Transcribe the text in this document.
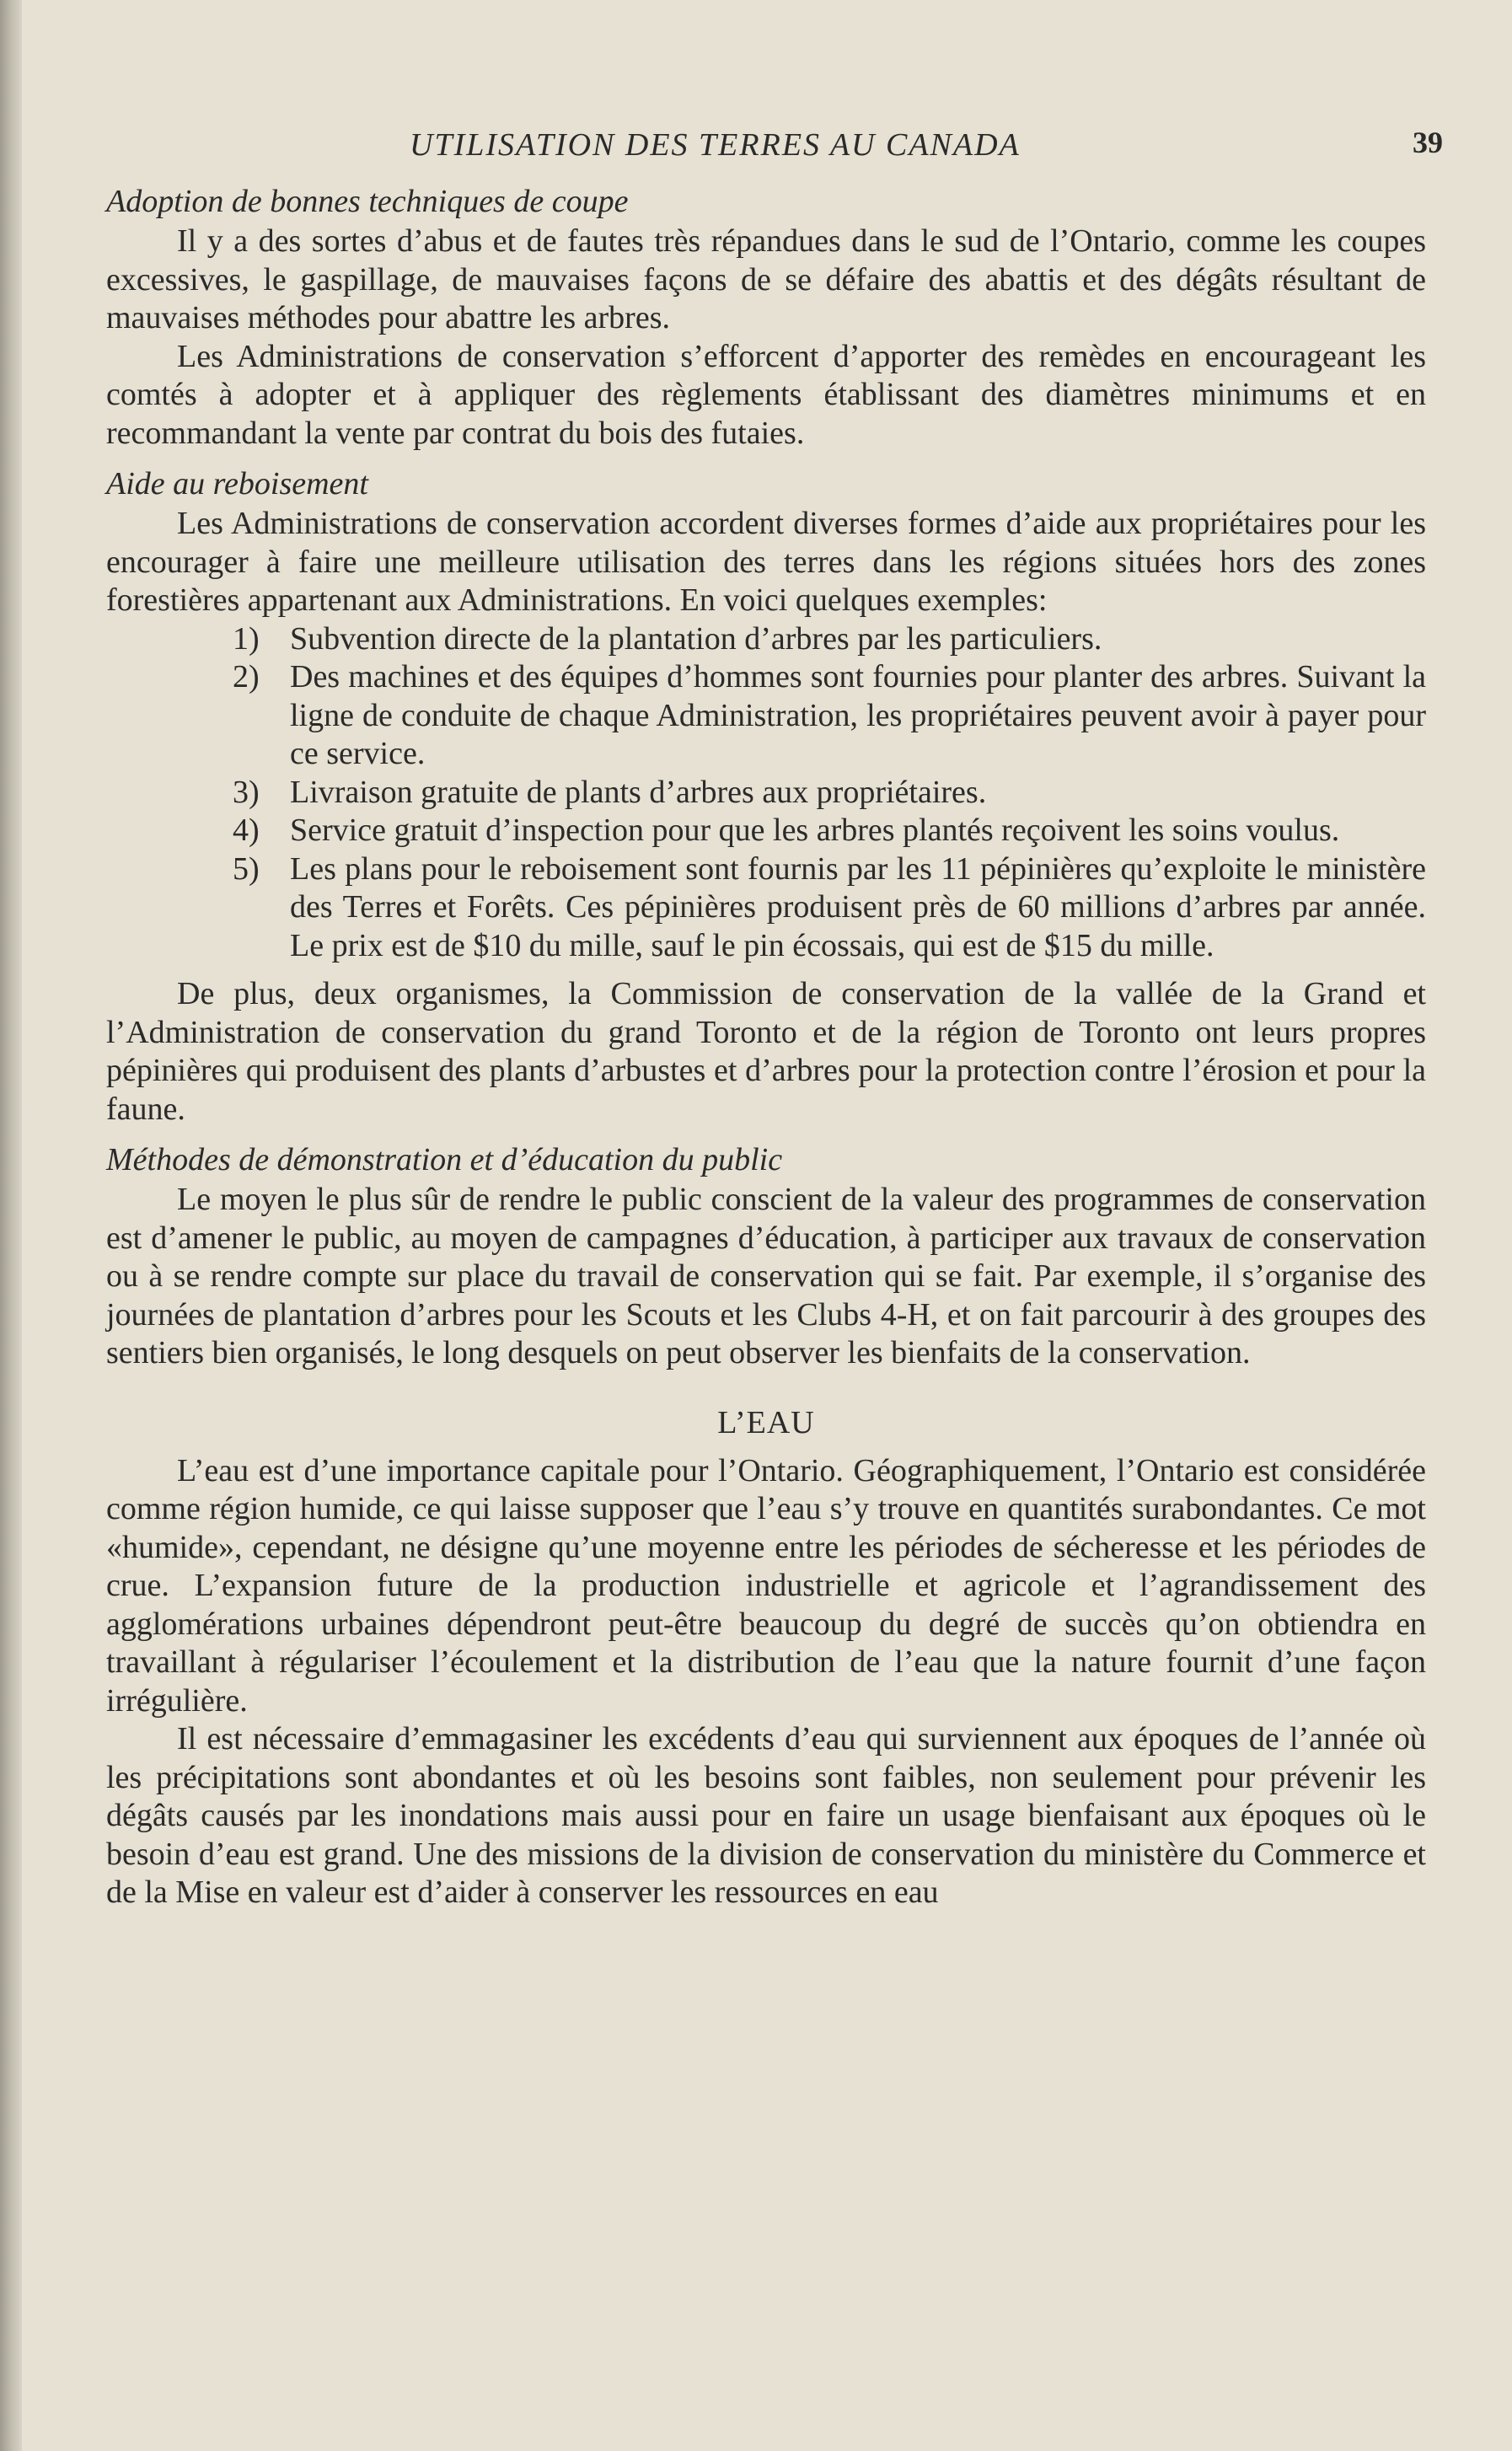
UTILISATION DES TERRES AU CANADA	39
Adoption de bonnes techniques de coupe

Il y a des sortes d’abus et de fautes très répandues dans le sud de l’Ontario, comme les coupes excessives, le gaspillage, de mauvaises façons de se défaire des abattis et des dégâts résultant de mauvaises méthodes pour abattre les arbres.

Les Administrations de conservation s’efforcent d’apporter des remèdes en encourageant les comtés à adopter et à appliquer des règlements établissant des diamètres minimums et en recommandant la vente par contrat du bois des futaies.

Aide au reboisement

Les Administrations de conservation accordent diverses formes d’aide aux propriétaires pour les encourager à faire une meilleure utilisation des terres dans les régions situées hors des zones forestières appartenant aux Administrations. En voici quelques exemples:

1) Subvention directe de la plantation d’arbres par les particuliers.
2) Des machines et des équipes d’hommes sont fournies pour planter des arbres. Suivant la ligne de conduite de chaque Administration, les propriétaires peuvent avoir à payer pour ce service.
3) Livraison gratuite de plants d’arbres aux propriétaires.
4) Service gratuit d’inspection pour que les arbres plantés reçoivent les soins voulus.
5) Les plans pour le reboisement sont fournis par les 11 pépinières qu’exploite le ministère des Terres et Forêts. Ces pépinières produisent près de 60 millions d’arbres par année. Le prix est de $10 du mille, sauf le pin écossais, qui est de $15 du mille.

De plus, deux organismes, la Commission de conservation de la vallée de la Grand et l’Administration de conservation du grand Toronto et de la région de Toronto ont leurs propres pépinières qui produisent des plants d’arbustes et d’arbres pour la protection contre l’érosion et pour la faune.

Méthodes de démonstration et d’éducation du public

Le moyen le plus sûr de rendre le public conscient de la valeur des programmes de conservation est d’amener le public, au moyen de campagnes d’éducation, à participer aux travaux de conservation ou à se rendre compte sur place du travail de conservation qui se fait. Par exemple, il s’organise des journées de plantation d’arbres pour les Scouts et les Clubs 4-H, et on fait parcourir à des groupes des sentiers bien organisés, le long desquels on peut observer les bienfaits de la conservation.

L’EAU

L’eau est d’une importance capitale pour l’Ontario. Géographiquement, l’Ontario est considérée comme région humide, ce qui laisse supposer que l’eau s’y trouve en quantités surabondantes. Ce mot «humide», cependant, ne désigne qu’une moyenne entre les périodes de sécheresse et les périodes de crue. L’expansion future de la production industrielle et agricole et l’agrandissement des agglomérations urbaines dépendront peut-être beaucoup du degré de succès qu’on obtiendra en travaillant à régulariser l’écoulement et la distribution de l’eau que la nature fournit d’une façon irrégulière.

Il est nécessaire d’emmagasiner les excédents d’eau qui surviennent aux époques de l’année où les précipitations sont abondantes et où les besoins sont faibles, non seulement pour prévenir les dégâts causés par les inondations mais aussi pour en faire un usage bienfaisant aux époques où le besoin d’eau est grand. Une des missions de la division de conservation du ministère du Commerce et de la Mise en valeur est d’aider à conserver les ressources en eau
